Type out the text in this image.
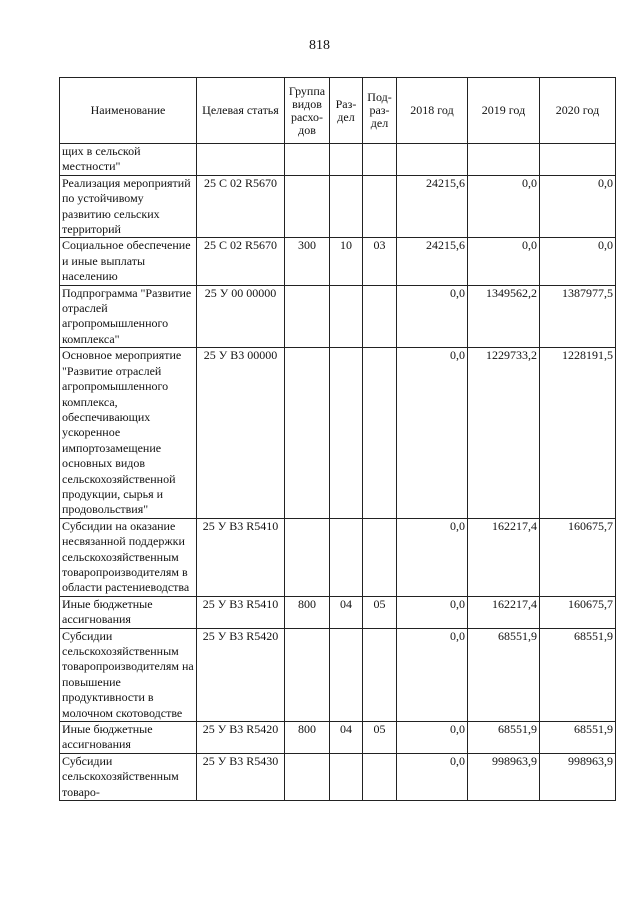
818
Наименование	Целевая статья	Группа видов расхо-дов	Раз-дел	Под-раз-дел	2018 год	2019 год	2020 год
щих в сельской местности"							
Реализация мероприятий по устойчивому развитию сельских территорий	25 С 02 R5670				24215,6	0,0	0,0
Социальное обеспечение и иные выплаты населению	25 С 02 R5670	300	10	03	24215,6	0,0	0,0
Подпрограмма "Развитие отраслей агропромышленного комплекса"	25 У 00 00000				0,0	1349562,2	1387977,5
Основное мероприятие "Развитие отраслей агропромышленного комплекса, обеспечивающих ускоренное импортозамещение основных видов сельскохозяйственной продукции, сырья и продовольствия"	25 У В3 00000				0,0	1229733,2	1228191,5
Субсидии на оказание несвязанной поддержки сельскохозяйственным товаропроизводителям в области растениеводства	25 У В3 R5410				0,0	162217,4	160675,7
Иные бюджетные ассигнования	25 У В3 R5410	800	04	05	0,0	162217,4	160675,7
Субсидии сельскохозяйственным товаропроизводителям на повышение продуктивности в молочном скотоводстве	25 У В3 R5420				0,0	68551,9	68551,9
Иные бюджетные ассигнования	25 У В3 R5420	800	04	05	0,0	68551,9	68551,9
Субсидии сельскохозяйственным товаро-	25 У В3 R5430				0,0	998963,9	998963,9
